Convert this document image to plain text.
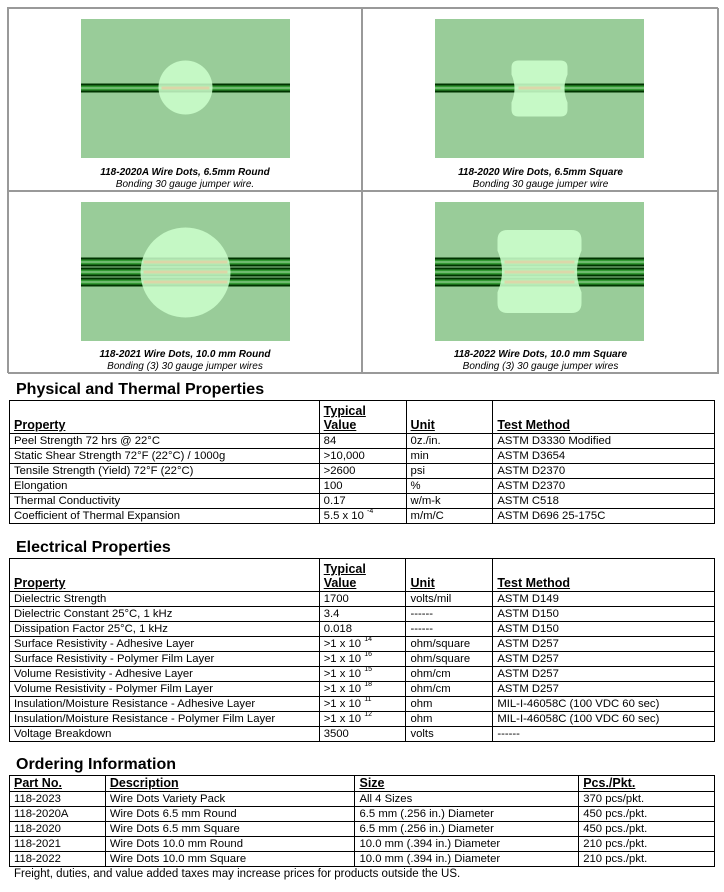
118-2020A Wire Dots, 6.5mm Round
Bonding 30 gauge jumper wire.
118-2020 Wire Dots, 6.5mm Square
Bonding 30 gauge jumper wire
118-2021 Wire Dots, 10.0 mm Round
Bonding (3) 30 gauge jumper wires
118-2022 Wire Dots, 10.0 mm Square
Bonding (3) 30 gauge jumper wires
Physical and Thermal Properties
Property	Typical Value	Unit	Test Method
Peel Strength 72 hrs @ 22°C	84	0z./in.	ASTM D3330 Modified
Static Shear Strength 72°F (22°C) / 1000g	>10,000	min	ASTM D3654
Tensile Strength (Yield) 72°F (22°C)	>2600	psi	ASTM D2370
Elongation	100	%	ASTM D2370
Thermal Conductivity	0.17	w/m-k	ASTM C518
Coefficient of Thermal Expansion	5.5 x 10 $^{-4}$	m/m/C	ASTM D696 25-175C
Electrical Properties
Property	Typical Value	Unit	Test Method
Dielectric Strength	1700	volts/mil	ASTM D149
Dielectric Constant 25°C, 1 kHz	3.4	------	ASTM D150
Dissipation Factor 25°C, 1 kHz	0.018	------	ASTM D150
Surface Resistivity - Adhesive Layer	>1 x 10 $^{14}$	ohm/square	ASTM D257
Surface Resistivity - Polymer Film Layer	>1 x 10 $^{16}$	ohm/square	ASTM D257
Volume Resistivity - Adhesive Layer	>1 x 10 $^{15}$	ohm/cm	ASTM D257
Volume Resistivity - Polymer Film Layer	>1 x 10 $^{18}$	ohm/cm	ASTM D257
Insulation/Moisture Resistance - Adhesive Layer	>1 x 10 $^{11}$	ohm	MIL-I-46058C (100 VDC 60 sec)
Insulation/Moisture Resistance - Polymer Film Layer	>1 x 10 $^{12}$	ohm	MIL-I-46058C (100 VDC 60 sec)
Voltage Breakdown	3500	volts	------
Ordering Information
Part No.	Description	Size	Pcs./Pkt.
118-2023	Wire Dots Variety Pack	All 4 Sizes	370 pcs/pkt.
118-2020A	Wire Dots 6.5 mm Round	6.5 mm (.256 in.) Diameter	450 pcs./pkt.
118-2020	Wire Dots 6.5 mm Square	6.5 mm (.256 in.) Diameter	450 pcs./pkt.
118-2021	Wire Dots 10.0 mm Round	10.0 mm (.394 in.) Diameter	210 pcs./pkt.
118-2022	Wire Dots 10.0 mm Square	10.0 mm (.394 in.) Diameter	210 pcs./pkt.
Freight, duties, and value added taxes may increase prices for products outside the US.
